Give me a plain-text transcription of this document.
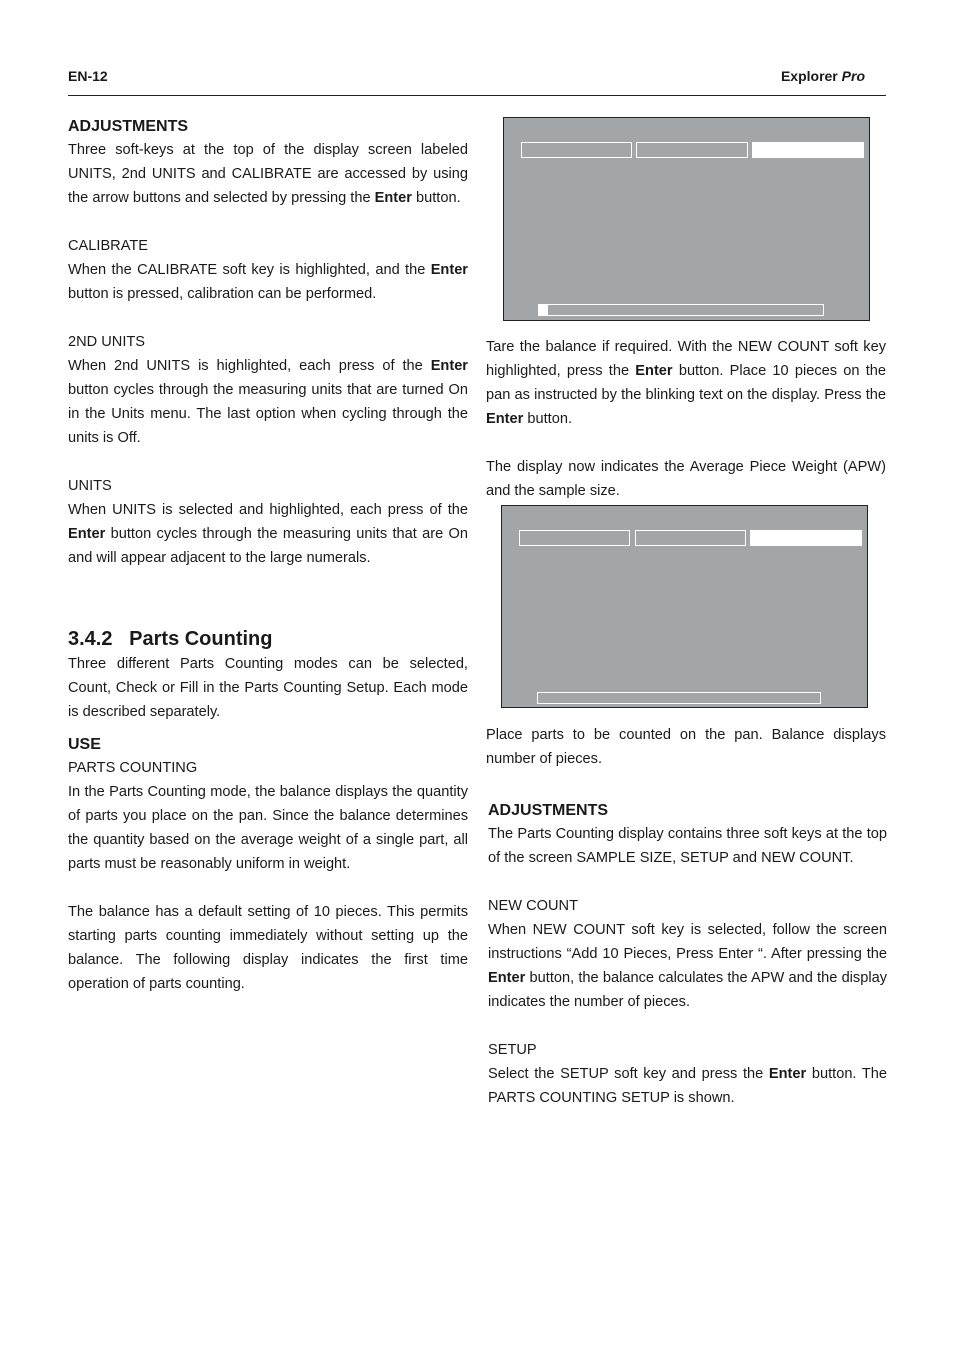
EN-12	Explorer Pro
ADJUSTMENTS

Three soft-keys at the top of the display screen labeled UNITS, 2nd UNITS and CALIBRATE are accessed by using the arrow buttons and selected by pressing the Enter button.

CALIBRATE

When the CALIBRATE soft key is highlighted, and the Enter button is pressed, calibration can be performed.

2ND UNITS

When 2nd UNITS is highlighted, each press of the Enter button cycles through the measuring units that are turned On in the Units menu. The last option when cycling through the units is Off.

UNITS

When UNITS is selected and highlighted, each press of the Enter button cycles through the measuring units that are On and will appear adjacent to the large numerals.

3.4.2 Parts Counting

Three different Parts Counting modes can be selected, Count, Check or Fill in the Parts Counting Setup. Each mode is described separately.

USE

PARTS COUNTING

In the Parts Counting mode, the balance displays the quantity of parts you place on the pan. Since the balance determines the quantity based on the average weight of a single part, all parts must be reasonably uniform in weight.

The balance has a default setting of 10 pieces. This permits starting parts counting immediately without setting up the balance. The following display indicates the first time operation of parts counting.

Tare the balance if required. With the NEW COUNT soft key highlighted, press the Enter button. Place 10 pieces on the pan as instructed by the blinking text on the display. Press the Enter button.

The display now indicates the Average Piece Weight (APW) and the sample size.

Place parts to be counted on the pan. Balance displays number of pieces.

ADJUSTMENTS

The Parts Counting display contains three soft keys at the top of the screen SAMPLE SIZE, SETUP and NEW COUNT.

NEW COUNT

When NEW COUNT soft key is selected, follow the screen instructions “Add 10 Pieces, Press Enter “. After pressing the Enter button, the balance calculates the APW and the display indicates the number of pieces.

SETUP

Select the SETUP soft key and press the Enter button. The PARTS COUNTING SETUP is shown.
